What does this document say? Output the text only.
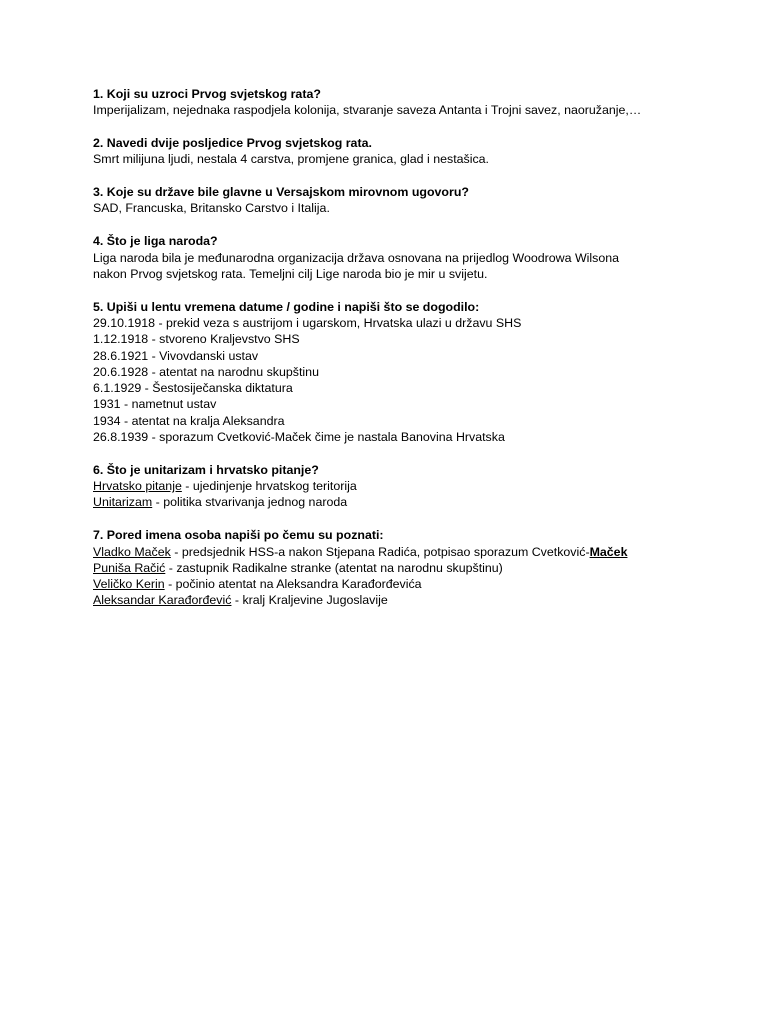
1. Koji su uzroci Prvog svjetskog rata?
Imperijalizam, nejednaka raspodjela kolonija, stvaranje saveza Antanta i Trojni savez, naoružanje,…
2. Navedi dvije posljedice Prvog svjetskog rata.
Smrt milijuna ljudi, nestala 4 carstva, promjene granica, glad i nestašica.
3. Koje su države bile glavne u Versajskom mirovnom ugovoru?
SAD, Francuska, Britansko Carstvo i Italija.
4. Što je liga naroda?
Liga naroda bila je međunarodna organizacija država osnovana na prijedlog Woodrowa Wilsona
nakon Prvog svjetskog rata. Temeljni cilj Lige naroda bio je mir u svijetu.
5. Upiši u lentu vremena datume / godine i napiši što se dogodilo:
29.10.1918 - prekid veza s austrijom i ugarskom, Hrvatska ulazi u državu SHS
1.12.1918 - stvoreno Kraljevstvo SHS
28.6.1921 - Vivovdanski ustav
20.6.1928 - atentat na narodnu skupštinu
6.1.1929 - Šestosiječanska diktatura
1931 - nametnut ustav
1934 - atentat na kralja Aleksandra
26.8.1939 - sporazum Cvetković-Maček čime je nastala Banovina Hrvatska
6. Što je unitarizam i hrvatsko pitanje?
Hrvatsko pitanje - ujedinjenje hrvatskog teritorija
Unitarizam - politika stvarivanja jednog naroda
7. Pored imena osoba napiši po čemu su poznati:
Vladko Maček - predsjednik HSS-a nakon Stjepana Radića, potpisao sporazum Cvetković-Maček
Puniša Račić - zastupnik Radikalne stranke (atentat na narodnu skupštinu)
Veličko Kerin - počinio atentat na Aleksandra Karađorđevića
Aleksandar Karađorđević - kralj Kraljevine Jugoslavije
